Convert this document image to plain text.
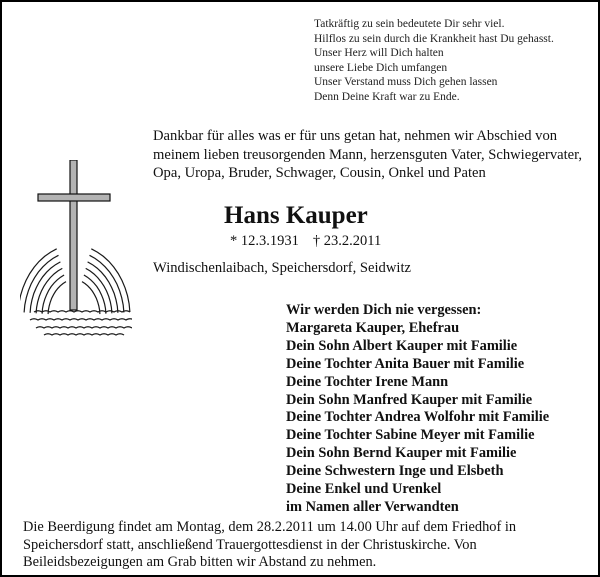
Tatkräftig zu sein bedeutete Dir sehr viel.
Hilflos zu sein durch die Krankheit hast Du gehasst.
Unser Herz will Dich halten
unsere Liebe Dich umfangen
Unser Verstand muss Dich gehen lassen
Denn Deine Kraft war zu Ende.
Dankbar für alles was er für uns getan hat, nehmen wir Abschied von meinem lieben treusorgenden Mann, herzensguten Vater, Schwiegervater, Opa, Uropa, Bruder, Schwager, Cousin, Onkel und Paten
Hans Kauper
* 12.3.1931 † 23.2.2011
Windischenlaibach, Speichersdorf, Seidwitz
Wir werden Dich nie vergessen:
Margareta Kauper, Ehefrau
Dein Sohn Albert Kauper mit Familie
Deine Tochter Anita Bauer mit Familie
Deine Tochter Irene Mann
Dein Sohn Manfred Kauper mit Familie
Deine Tochter Andrea Wolfohr mit Familie
Deine Tochter Sabine Meyer mit Familie
Dein Sohn Bernd Kauper mit Familie
Deine Schwestern Inge und Elsbeth
Deine Enkel und Urenkel
im Namen aller Verwandten
Die Beerdigung findet am Montag, dem 28.2.2011 um 14.00 Uhr auf dem Friedhof in Speichersdorf statt, anschließend Trauergottesdienst in der Christuskirche. Von Beileidsbezeigungen am Grab bitten wir Abstand zu nehmen.
